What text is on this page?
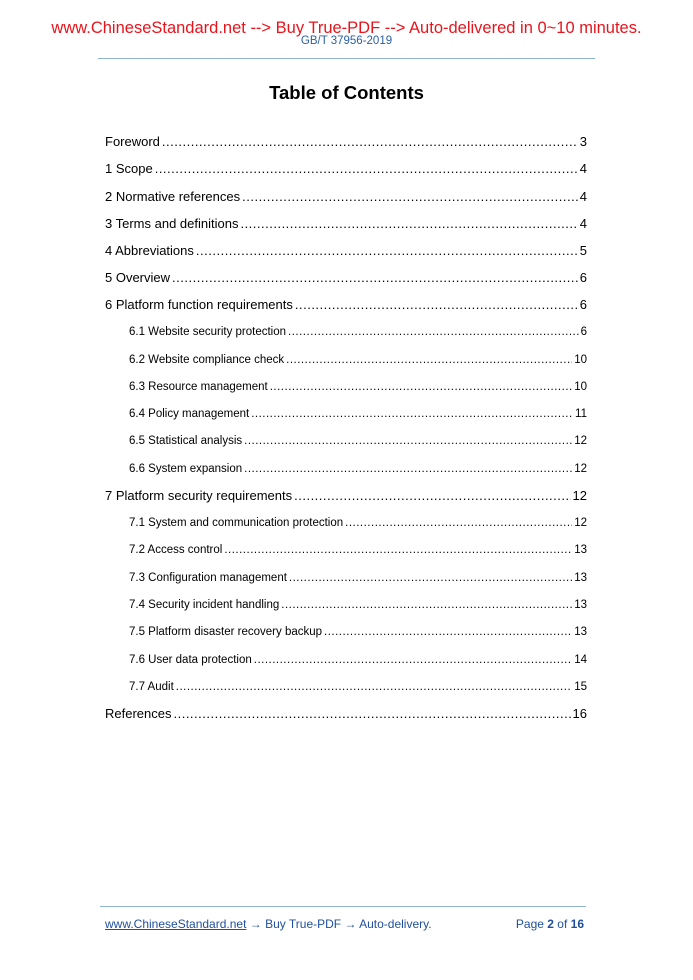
www.ChineseStandard.net --> Buy True-PDF --> Auto-delivered in 0~10 minutes.
GB/T 37956-2019
Table of Contents
Foreword .....	3
1 Scope .....	4
2 Normative references .....	4
3 Terms and definitions .....	4
4 Abbreviations .....	5
5 Overview .....	6
6 Platform function requirements .....	6
6.1 Website security protection .....	6
6.2 Website compliance check .....	10
6.3 Resource management .....	10
6.4 Policy management .....	11
6.5 Statistical analysis .....	12
6.6 System expansion .....	12
7 Platform security requirements .....	12
7.1 System and communication protection .....	12
7.2 Access control .....	13
7.3 Configuration management .....	13
7.4 Security incident handling .....	13
7.5 Platform disaster recovery backup .....	13
7.6 User data protection .....	14
7.7 Audit .....	15
References .....	16
www.ChineseStandard.net → Buy True-PDF → Auto-delivery.	Page 2 of 16
